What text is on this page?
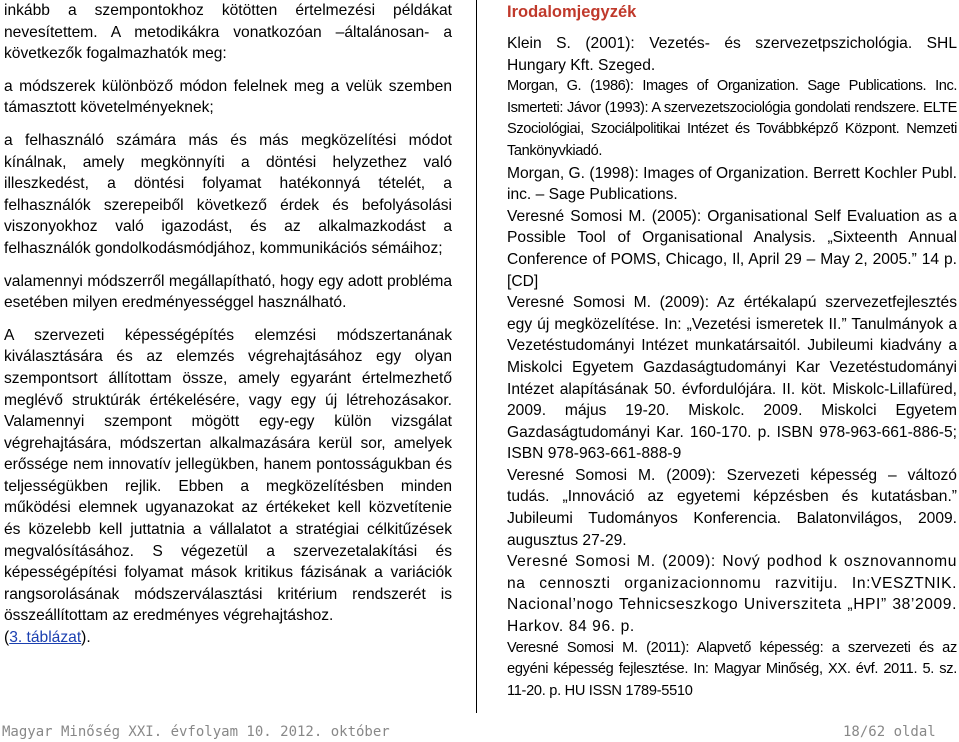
inkább a szempontokhoz kötötten értelmezési példákat nevesítettem. A metodikákra vonatkozóan –általánosan- a következők fogalmazhatók meg:

a módszerek különböző módon felelnek meg a velük szemben támasztott követelményeknek;

a felhasználó számára más és más megközelítési módot kínálnak, amely megkönnyíti a döntési helyzethez való illeszkedést, a döntési folyamat hatékonnyá tételét, a felhasználók szerepeiből következő érdek és befolyásolási viszonyokhoz való igazodást, és az alkalmazkodást a felhasználók gondolkodásmódjához, kommunikációs sémáihoz;

valamennyi módszerről megállapítható, hogy egy adott probléma esetében milyen eredményességgel használható.

A szervezeti képességépítés elemzési módszertanának kiválasztására és az elemzés végrehajtásához egy olyan szempontsort állítottam össze, amely egyaránt értelmezhető meglévő struktúrák értékelésére, vagy egy új létrehozásakor. Valamennyi szempont mögött egy-egy külön vizsgálat végrehajtására, módszertan alkalmazására kerül sor, amelyek erőssége nem innovatív jellegükben, hanem pontosságukban és teljességükben rejlik. Ebben a megközelítésben minden működési elemnek ugyanazokat az értékeket kell közvetítenie és közelebb kell juttatnia a vállalatot a stratégiai célkitűzések megvalósításához. S végezetül a szervezetalakítási és képességépítési folyamat mások kritikus fázisának a variációk rangsorolásának módszerválasztási kritérium rendszerét is összeállítottam az eredményes végrehajtáshoz.
(3. táblázat).

Irodalomjegyzék

Klein S. (2001): Vezetés- és szervezetpszichológia. SHL Hungary Kft. Szeged.

Morgan, G. (1986): Images of Organization. Sage Publications. Inc. Ismerteti: Jávor (1993): A szervezetszociológia gondolati rendszere. ELTE Szociológiai, Szociálpolitikai Intézet és Továbbképző Központ. Nemzeti Tankönyvkiadó.

Morgan, G. (1998): Images of Organization. Berrett Kochler Publ. inc. – Sage Publications.

Veresné Somosi M. (2005): Organisational Self Evaluation as a Possible Tool of Organisational Analysis. „Sixteenth Annual Conference of POMS, Chicago, Il, April 29 – May 2, 2005.” 14 p. [CD]

Veresné Somosi M. (2009): Az értékalapú szervezetfejlesztés egy új megközelítése. In: „Vezetési ismeretek II.” Tanulmányok a Vezetéstudományi Intézet munkatársaitól. Jubileumi kiadvány a Miskolci Egyetem Gazdaságtudományi Kar Vezetéstudományi Intézet alapításának 50. évfordulójára. II. köt. Miskolc-Lillafüred, 2009. május 19-20. Miskolc. 2009. Miskolci Egyetem Gazdaságtudományi Kar. 160-170. p. ISBN 978-963-661-886-5; ISBN 978-963-661-888-9

Veresné Somosi M. (2009): Szervezeti képesség – változó tudás. „Innováció az egyetemi képzésben és kutatásban.” Jubileumi Tudományos Konferencia. Balatonvilágos, 2009. augusztus 27-29.

Veresné Somosi M. (2009): Nový podhod k osznovannomu na cennoszti organizacionnomu razvitiju. In:VESZTNIK. Nacional’nogo Tehnicseszkogo Universziteta „HPI” 38’2009. Harkov. 84 96. p.

Veresné Somosi M. (2011): Alapvető képesség: a szervezeti és az egyéni képesség fejlesztése. In: Magyar Minőség, XX. évf. 2011. 5. sz. 11-20. p. HU ISSN 1789-5510

Magyar Minőség XXI. évfolyam 10. 2012. október	18/62 oldal
